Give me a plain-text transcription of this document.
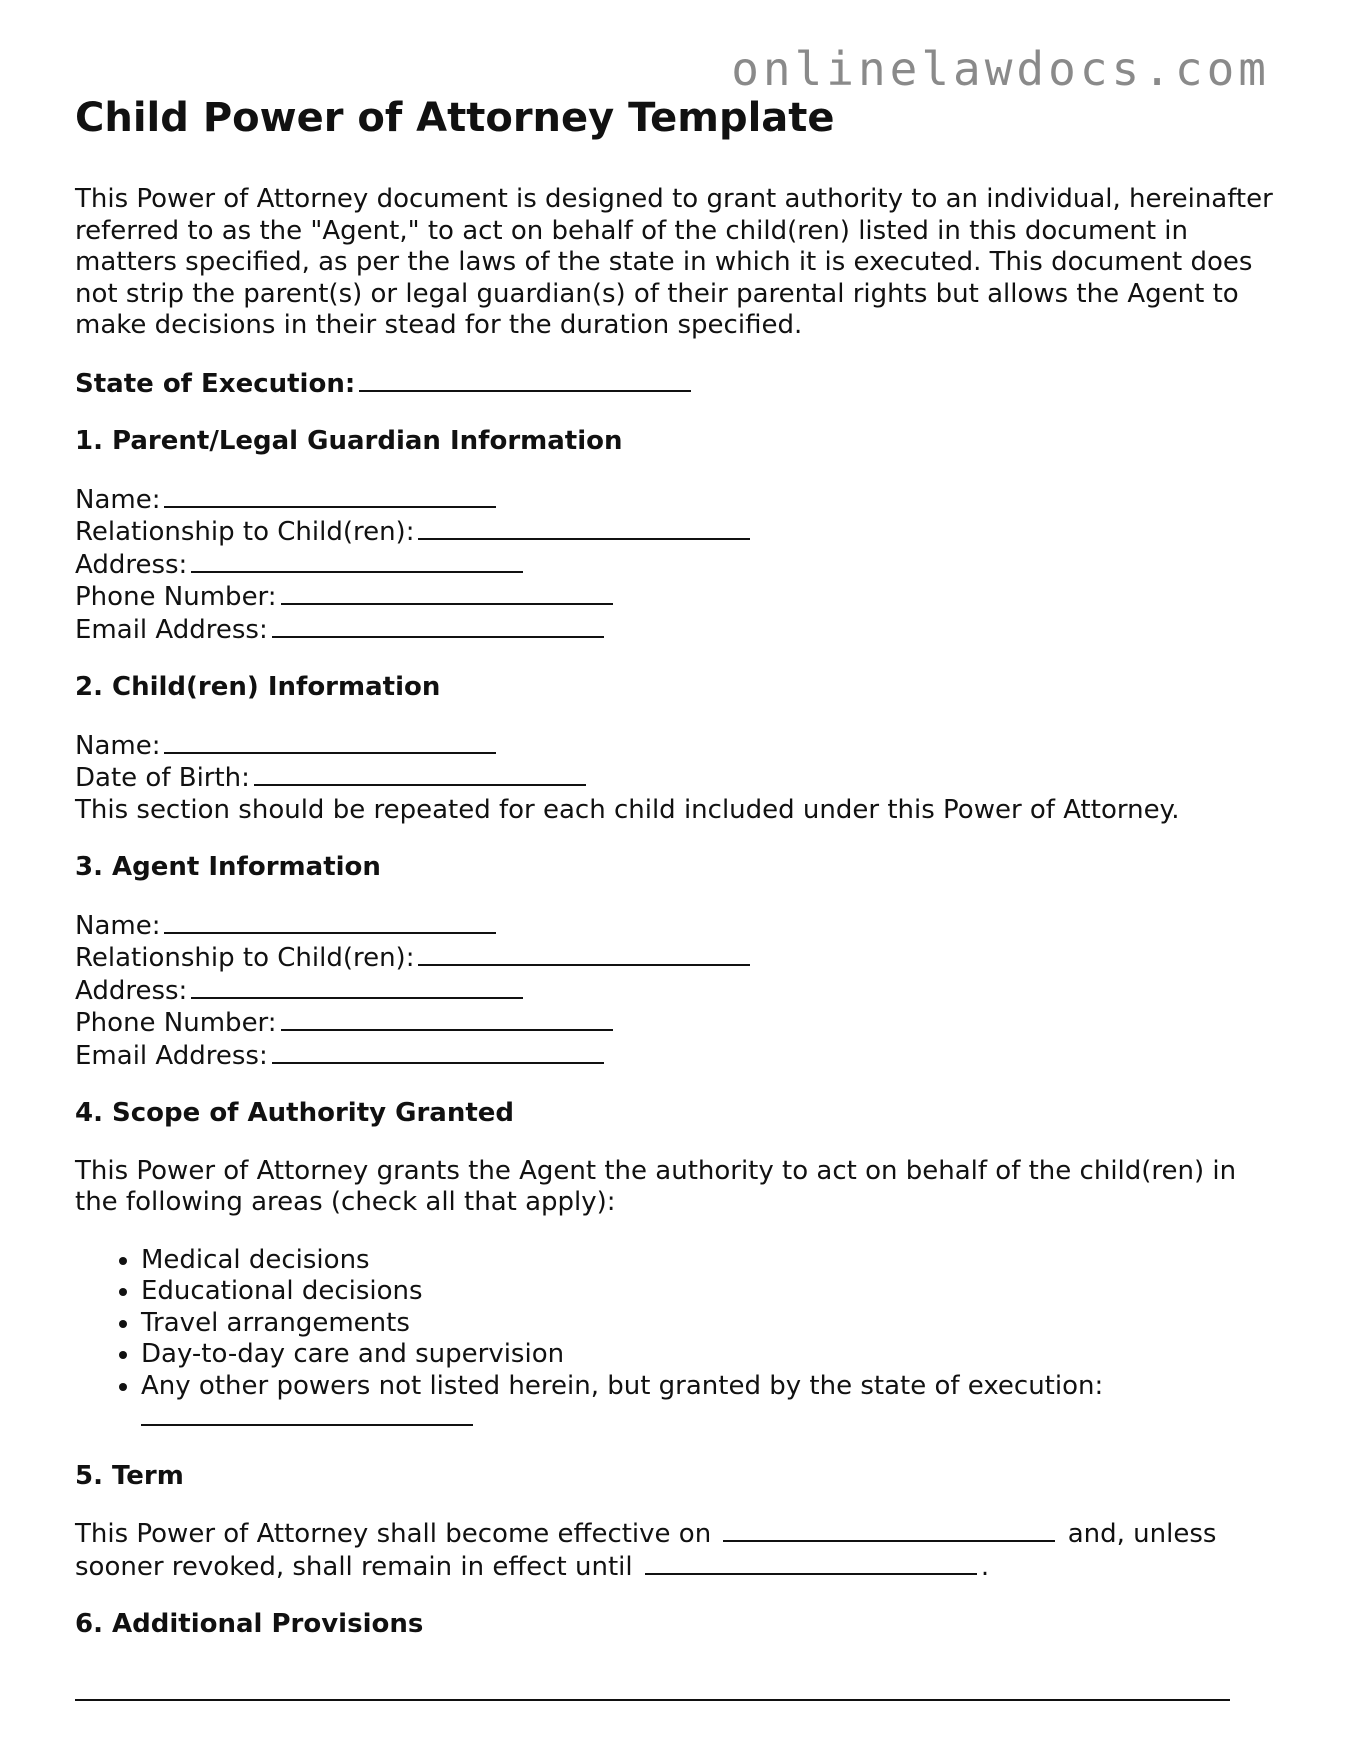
onlinelawdocs.com
Child Power of Attorney Template

This Power of Attorney document is designed to grant authority to an individual, hereinafter referred to as the "Agent," to act on behalf of the child(ren) listed in this document in matters specified, as per the laws of the state in which it is executed. This document does not strip the parent(s) or legal guardian(s) of their parental rights but allows the Agent to make decisions in their stead for the duration specified.

State of Execution:
1. Parent/Legal Guardian Information
Name:
Relationship to Child(ren):
Address:
Phone Number:
Email Address:
2. Child(ren) Information
Name:
Date of Birth:

This section should be repeated for each child included under this Power of Attorney.

3. Agent Information
Name:
Relationship to Child(ren):
Address:
Phone Number:
Email Address:
4. Scope of Authority Granted

This Power of Attorney grants the Agent the authority to act on behalf of the child(ren) in the following areas (check all that apply):

• Medical decisions
• Educational decisions
• Travel arrangements
• Day-to-day care and supervision
• Any other powers not listed herein, but granted by the state of execution:

5. Term

This Power of Attorney shall become effective on	and, unless sooner revoked, shall remain in effect until	.

6. Additional Provisions
